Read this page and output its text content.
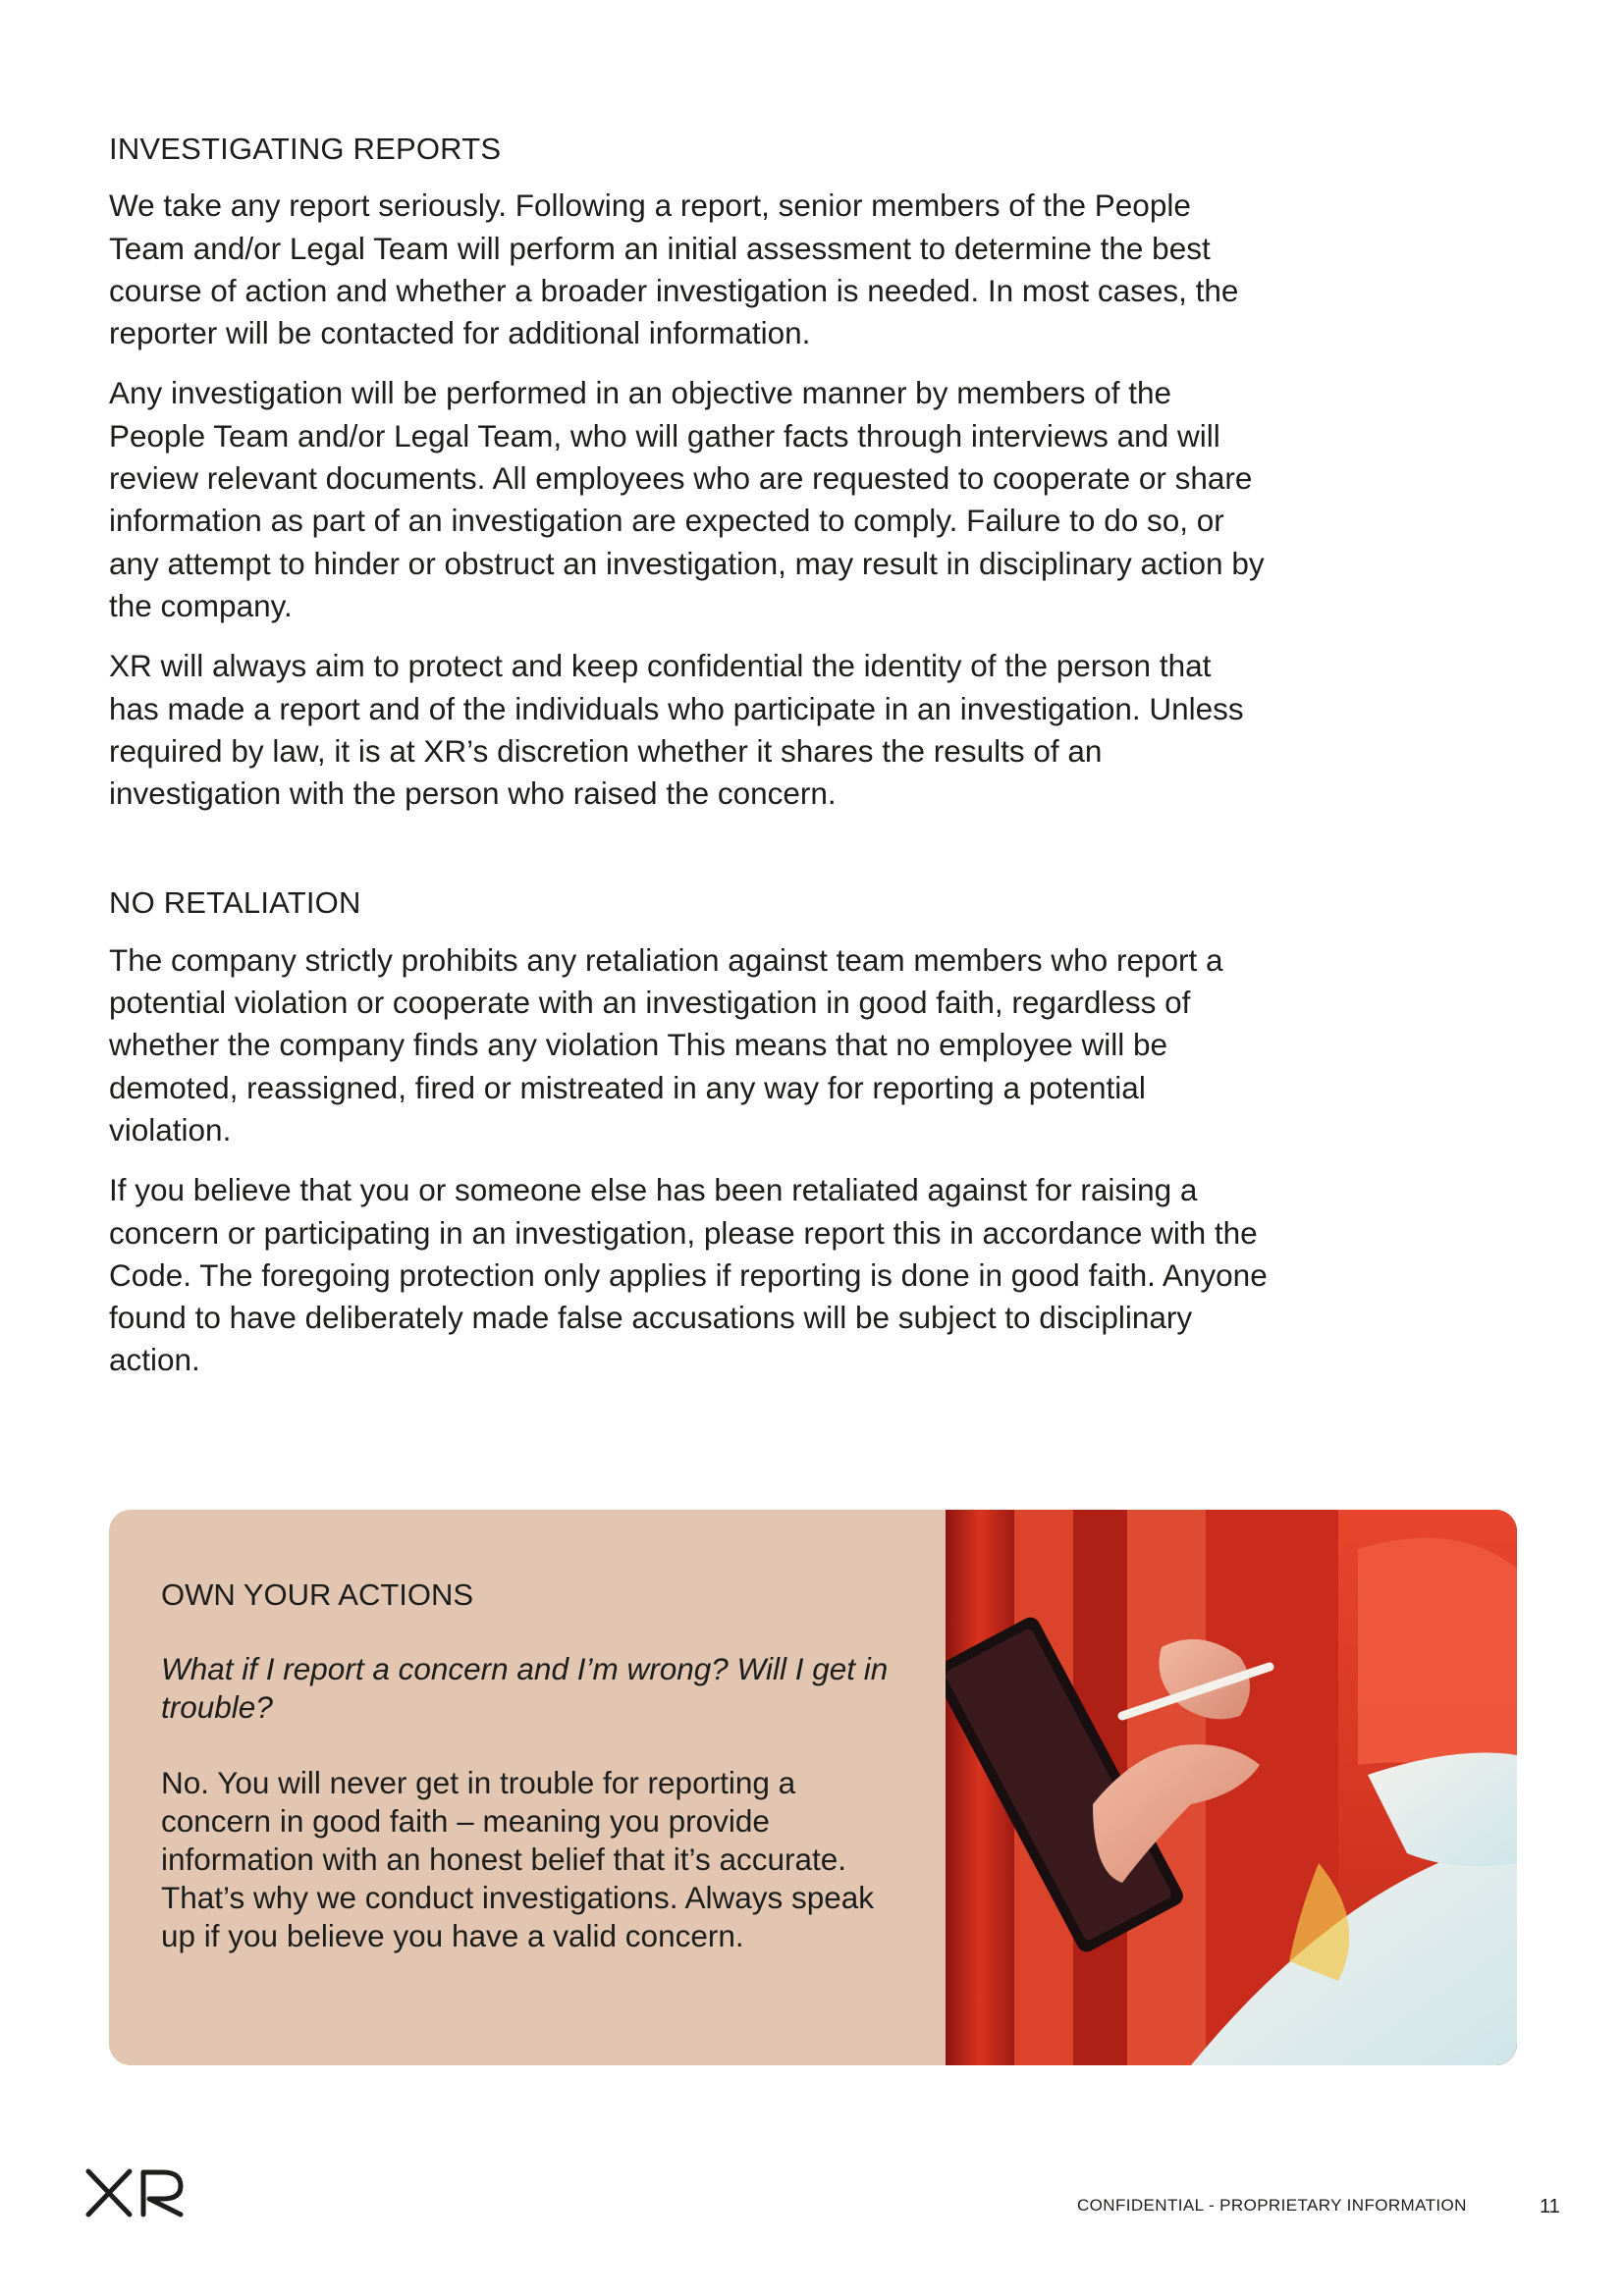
INVESTIGATING REPORTS

We take any report seriously. Following a report, senior members of the People Team and/or Legal Team will perform an initial assessment to determine the best course of action and whether a broader investigation is needed. In most cases, the reporter will be contacted for additional information.

Any investigation will be performed in an objective manner by members of the People Team and/or Legal Team, who will gather facts through interviews and will review relevant documents. All employees who are requested to cooperate or share information as part of an investigation are expected to comply. Failure to do so, or any attempt to hinder or obstruct an investigation, may result in disciplinary action by the company.

XR will always aim to protect and keep confidential the identity of the person that has made a report and of the individuals who participate in an investigation. Unless required by law, it is at XR’s discretion whether it shares the results of an investigation with the person who raised the concern.

NO RETALIATION

The company strictly prohibits any retaliation against team members who report a potential violation or cooperate with an investigation in good faith, regardless of whether the company finds any violation This means that no employee will be demoted, reassigned, fired or mistreated in any way for reporting a potential violation.

If you believe that you or someone else has been retaliated against for raising a concern or participating in an investigation, please report this in accordance with the Code. The foregoing protection only applies if reporting is done in good faith. Anyone found to have deliberately made false accusations will be subject to disciplinary action.

OWN YOUR ACTIONS
What if I report a concern and I’m wrong? Will I get in trouble?
No. You will never get in trouble for reporting a concern in good faith – meaning you provide information with an honest belief that it’s accurate. That’s why we conduct investigations. Always speak up if you believe you have a valid concern.
CONFIDENTIAL - PROPRIETARY INFORMATION	11
